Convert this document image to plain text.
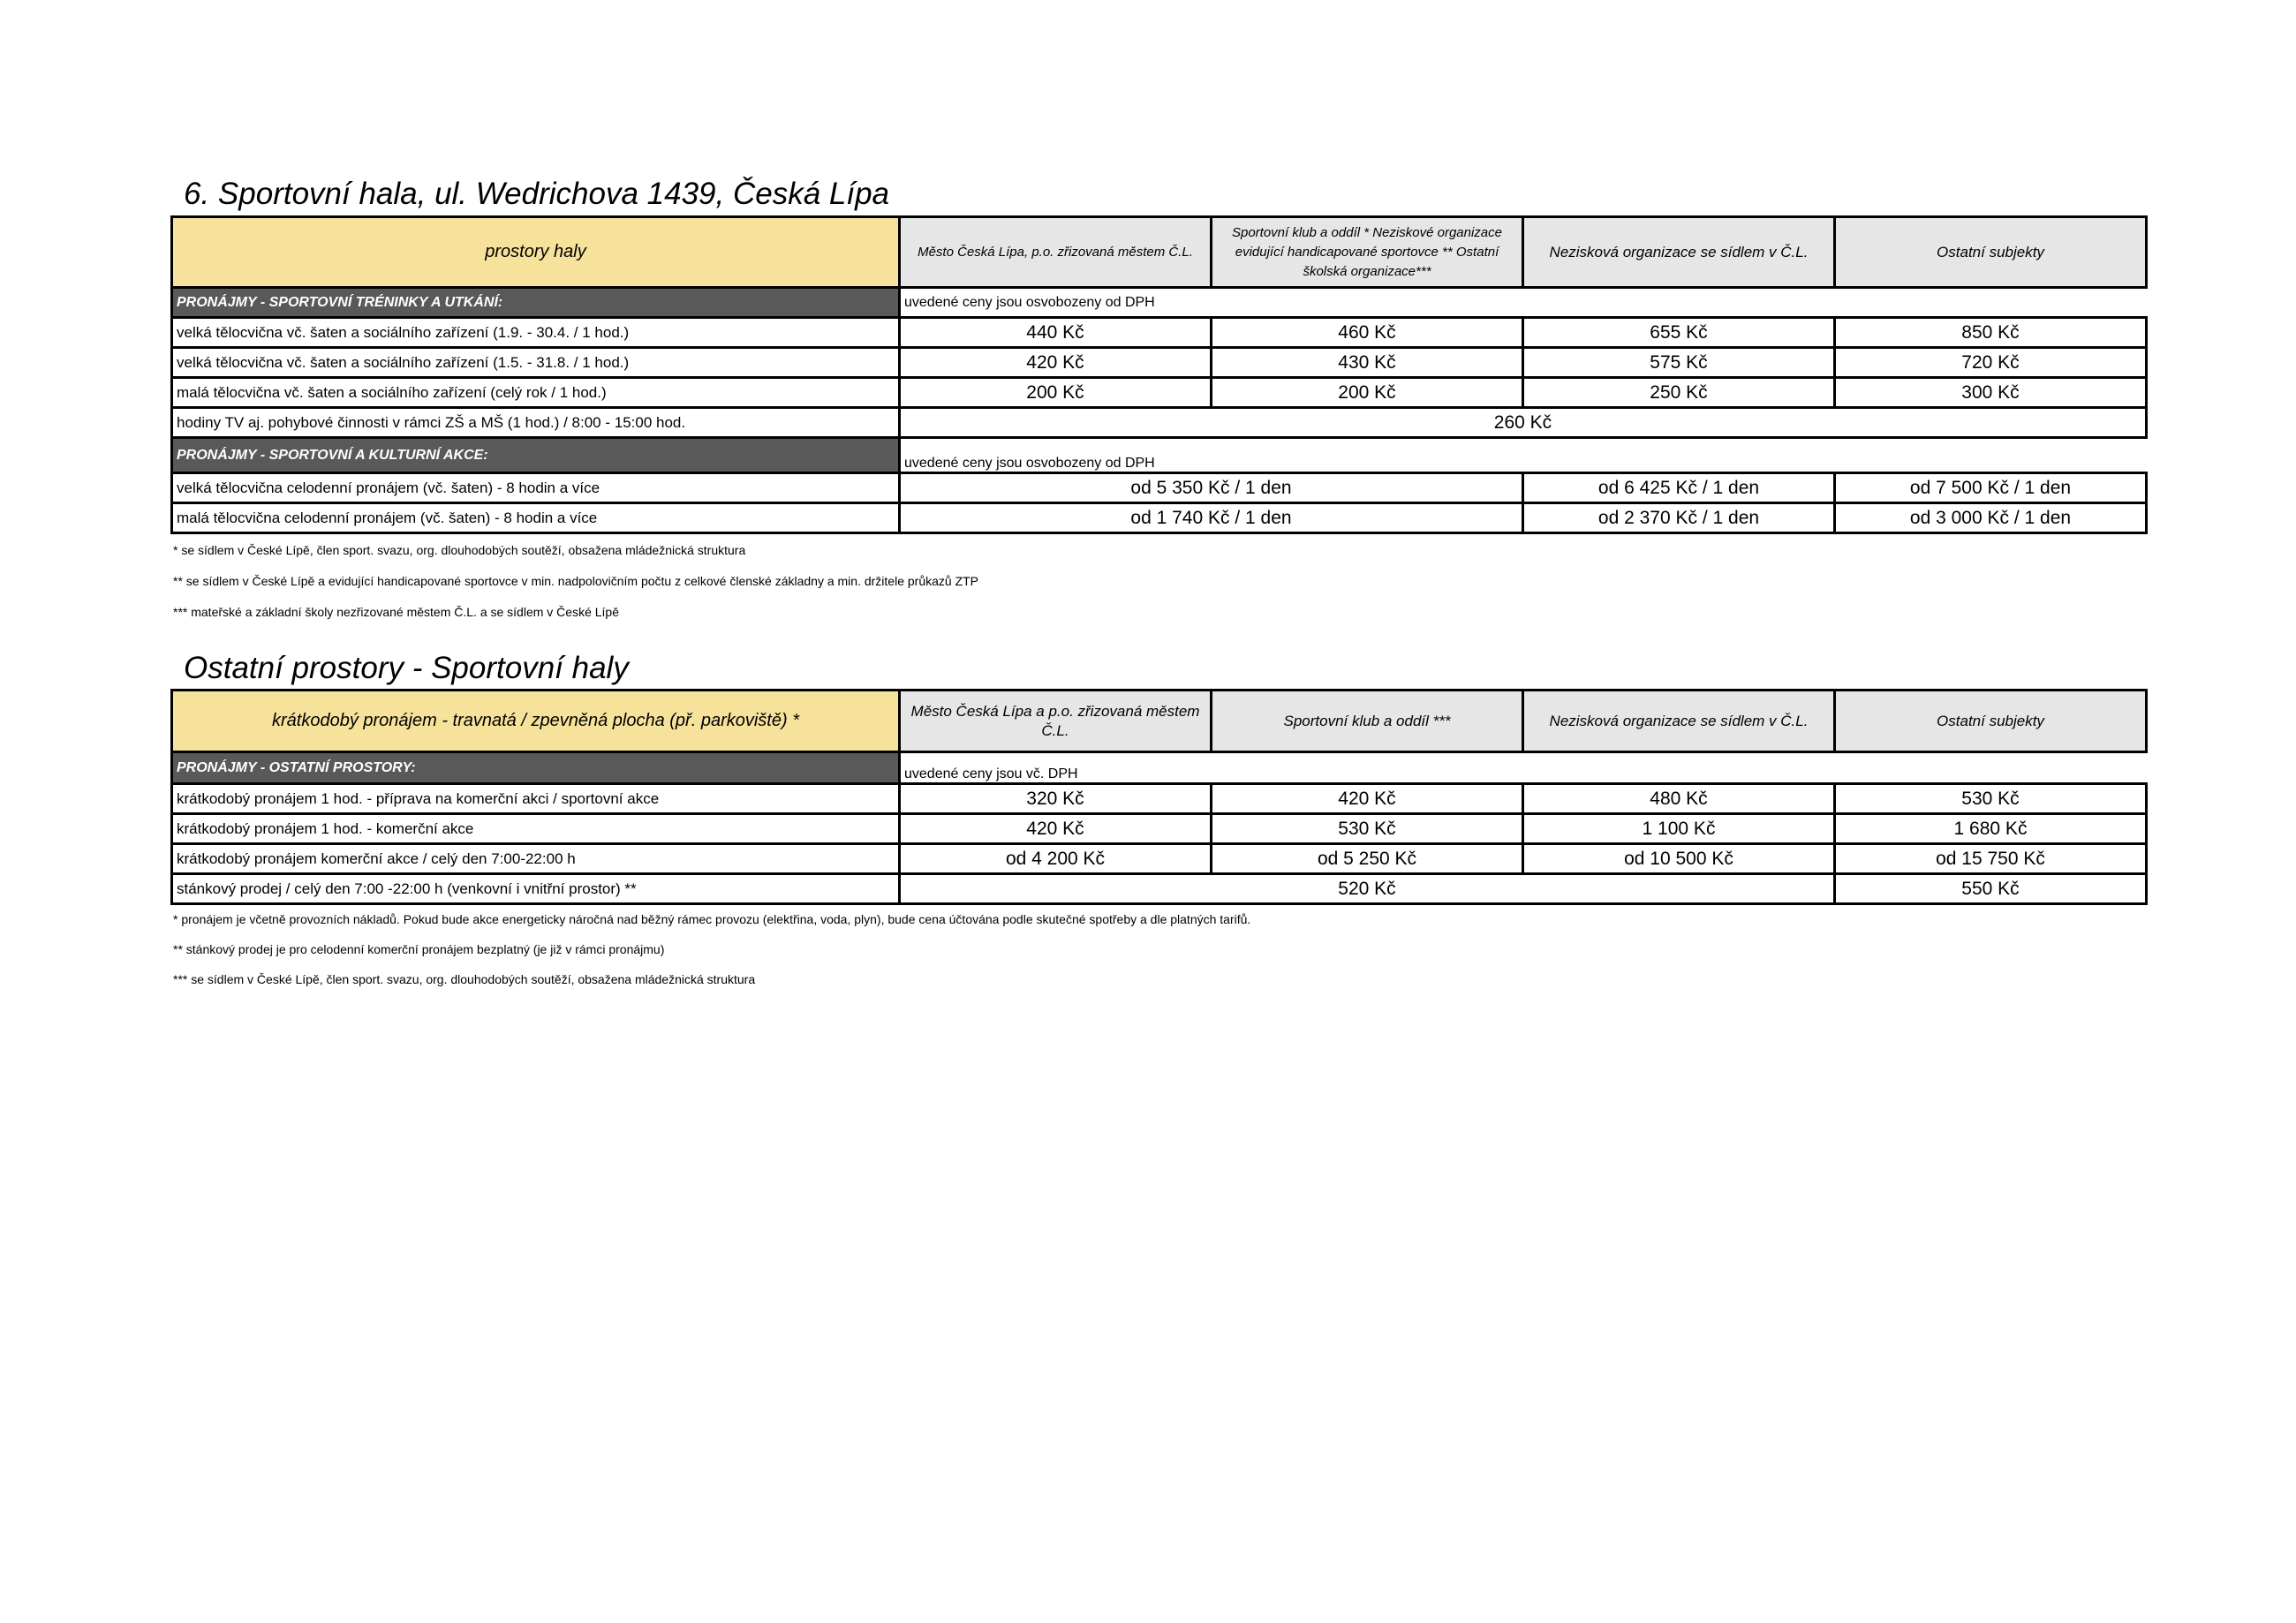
6. Sportovní hala, ul. Wedrichova 1439, Česká Lípa
prostory haly	Město Česká Lípa, p.o. zřizovaná městem Č.L.	Sportovní klub a oddíl * Neziskové organizace evidující handicapované sportovce ** Ostatní školská organizace***	Nezisková organizace se sídlem v Č.L.	Ostatní subjekty
PRONÁJMY - SPORTOVNÍ TRÉNINKY A UTKÁNÍ:	uvedené ceny jsou osvobozeny od DPH			
velká tělocvična vč. šaten a sociálního zařízení (1.9. - 30.4. / 1 hod.)	440 Kč	460 Kč	655 Kč	850 Kč
velká tělocvična vč. šaten a sociálního zařízení (1.5. - 31.8. / 1 hod.)	420 Kč	430 Kč	575 Kč	720 Kč
malá tělocvična vč. šaten a sociálního zařízení (celý rok / 1 hod.)	200 Kč	200 Kč	250 Kč	300 Kč
hodiny TV aj. pohybové činnosti v rámci ZŠ a MŠ (1 hod.) / 8:00 - 15:00 hod.	260 Kč			
PRONÁJMY - SPORTOVNÍ A KULTURNÍ AKCE:	uvedené ceny jsou osvobozeny od DPH			
velká tělocvična celodenní pronájem (vč. šaten) - 8 hodin a více	od 5 350 Kč / 1 den		od 6 425 Kč / 1 den	od 7 500 Kč / 1 den
malá tělocvična celodenní pronájem (vč. šaten) - 8 hodin a více	od 1 740 Kč / 1 den		od 2 370 Kč / 1 den	od 3 000 Kč / 1 den
* se sídlem v České Lípě, člen sport. svazu, org. dlouhodobých soutěží, obsažena mládežnická struktura
** se sídlem v České Lípě a evidující handicapované sportovce v min. nadpolovičním počtu z celkové členské základny a min. držitele průkazů ZTP
*** mateřské a základní školy nezřizované městem Č.L. a se sídlem v České Lípě
Ostatní prostory - Sportovní haly
krátkodobý pronájem - travnatá / zpevněná plocha (př. parkoviště) *	Město Česká Lípa a p.o. zřizovaná městem Č.L.	Sportovní klub a oddíl ***	Nezisková organizace se sídlem v Č.L.	Ostatní subjekty
PRONÁJMY - OSTATNÍ PROSTORY:	uvedené ceny jsou vč. DPH			
krátkodobý pronájem 1 hod. - příprava na komerční akci / sportovní akce	320 Kč	420 Kč	480 Kč	530 Kč
krátkodobý pronájem 1 hod. - komerční akce	420 Kč	530 Kč	1 100 Kč	1 680 Kč
krátkodobý pronájem komerční akce / celý den 7:00-22:00 h	od 4 200 Kč	od 5 250 Kč	od 10 500 Kč	od 15 750 Kč
stánkový prodej / celý den 7:00 -22:00 h (venkovní i vnitřní prostor) **	520 Kč			550 Kč
* pronájem je včetně provozních nákladů. Pokud bude akce energeticky náročná nad běžný rámec provozu (elektřina, voda, plyn), bude cena účtována podle skutečné spotřeby a dle platných tarifů.
** stánkový prodej je pro celodenní komerční pronájem bezplatný (je již v rámci pronájmu)
*** se sídlem v České Lípě, člen sport. svazu, org. dlouhodobých soutěží, obsažena mládežnická struktura
